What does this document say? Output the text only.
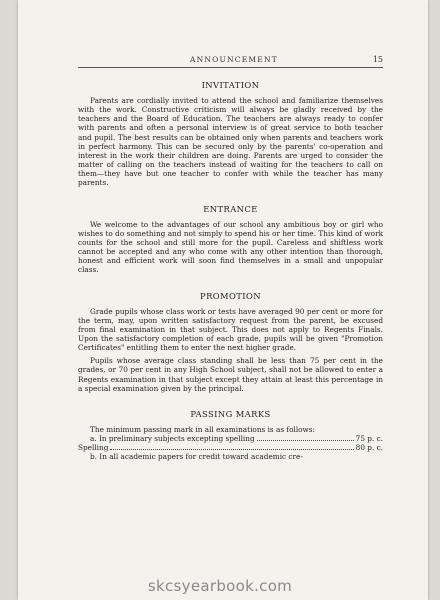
ANNOUNCEMENT	15
INVITATION

Parents are cordially invited to attend the school and familiarize themselves with the work. Constructive criticism will always be gladly received by the teachers and the Board of Education. The teachers are always ready to confer with parents and often a personal interview is of great service to both teacher and pupil. The best results can be obtained only when parents and teachers work in perfect harmony. This can be secured only by the parents' co-operation and interest in the work their children are doing. Parents are urged to consider the matter of calling on the teachers instead of waiting for the teachers to call on them—they have but one teacher to confer with while the teacher has many parents.

ENTRANCE

We welcome to the advantages of our school any ambitious boy or girl who wishes to do something and not simply to spend his or her time. This kind of work counts for the school and still more for the pupil. Careless and shiftless work cannot be accepted and any who come with any other intention than thorough, honest and efficient work will soon find themselves in a small and unpopular class.

PROMOTION

Grade pupils whose class work or tests have averaged 90 per cent or more for the term, may, upon written satisfactory request from the parent, be excused from final examination in that subject. This does not apply to Regents Finals. Upon the satisfactory completion of each grade, pupils will be given "Promotion Certificates" entitling them to enter the next higher grade.

Pupils whose average class standing shall be less than 75 per cent in the grades, or 70 per cent in any High School subject, shall not be allowed to enter a Regents examination in that subject except they attain at least this percentage in a special examination given by the principal.

PASSING MARKS

The minimum passing mark in all examinations is as follows:

a. In preliminary subjects excepting spelling	75 p. c.
Spelling	80 p. c.

b. In all academic papers for credit toward academic cre-

skcsyearbook.com
